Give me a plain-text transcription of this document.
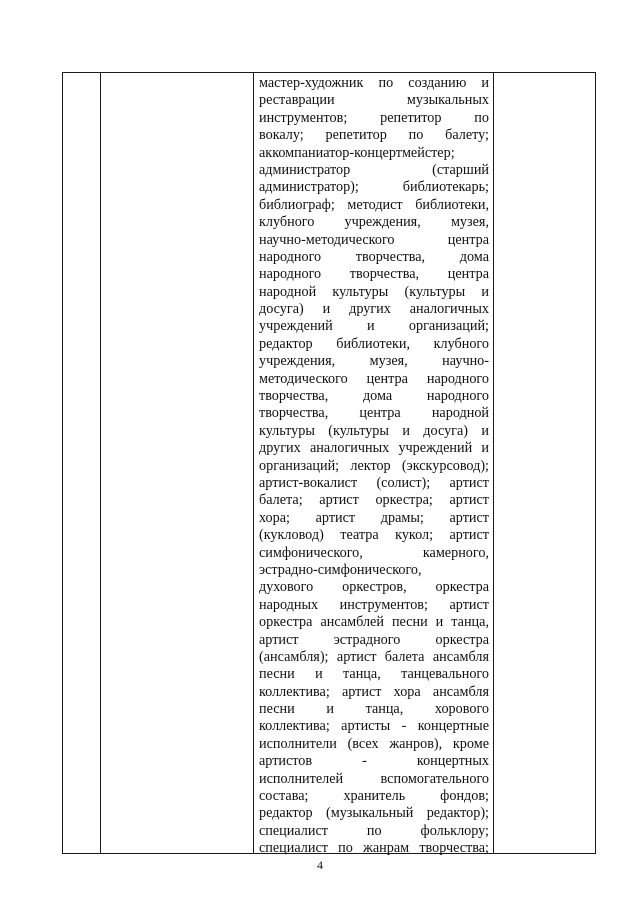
мастер-художник по созданию и
реставрации музыкальных
инструментов; репетитор по
вокалу; репетитор по балету;
аккомпаниатор-концертмейстер;
администратор (старший
администратор); библиотекарь;
библиограф; методист библиотеки,
клубного учреждения, музея,
научно-методического центра
народного творчества, дома
народного творчества, центра
народной культуры (культуры и
досуга) и других аналогичных
учреждений и организаций;
редактор библиотеки, клубного
учреждения, музея, научно-
методического центра народного
творчества, дома народного
творчества, центра народной
культуры (культуры и досуга) и
других аналогичных учреждений и
организаций; лектор (экскурсовод);
артист-вокалист (солист); артист
балета; артист оркестра; артист
хора; артист драмы; артист
(кукловод) театра кукол; артист
симфонического, камерного,
эстрадно-симфонического,
духового оркестров, оркестра
народных инструментов; артист
оркестра ансамблей песни и танца,
артист эстрадного оркестра
(ансамбля); артист балета ансамбля
песни и танца, танцевального
коллектива; артист хора ансамбля
песни и танца, хорового
коллектива; артисты - концертные
исполнители (всех жанров), кроме
артистов - концертных
исполнителей вспомогательного
состава; хранитель фондов;
редактор (музыкальный редактор);
специалист по фольклору;
специалист по жанрам творчества;
4
